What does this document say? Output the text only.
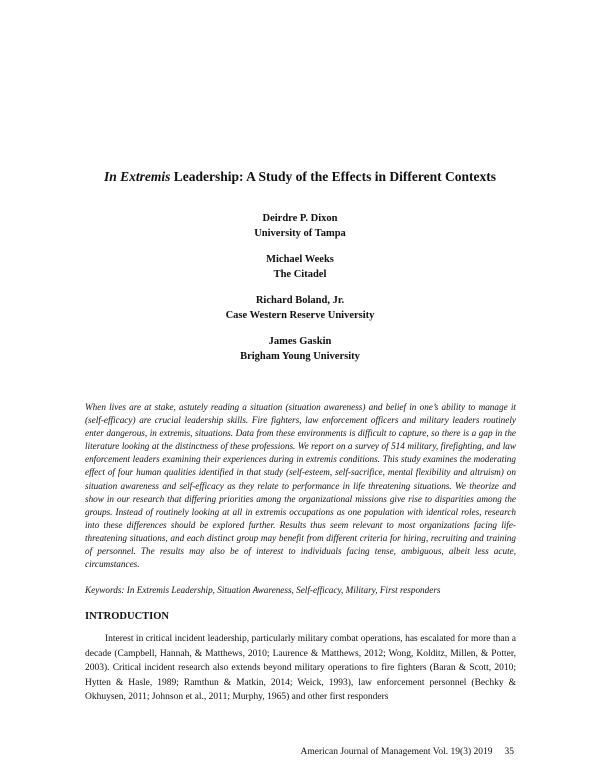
In Extremis Leadership: A Study of the Effects in Different Contexts
Deirdre P. Dixon
University of Tampa
Michael Weeks
The Citadel
Richard Boland, Jr.
Case Western Reserve University
James Gaskin
Brigham Young University
When lives are at stake, astutely reading a situation (situation awareness) and belief in one’s ability to manage it (self-efficacy) are crucial leadership skills. Fire fighters, law enforcement officers and military leaders routinely enter dangerous, in extremis, situations. Data from these environments is difficult to capture, so there is a gap in the literature looking at the distinctness of these professions. We report on a survey of 514 military, firefighting, and law enforcement leaders examining their experiences during in extremis conditions. This study examines the moderating effect of four human qualities identified in that study (self-esteem, self-sacrifice, mental flexibility and altruism) on situation awareness and self-efficacy as they relate to performance in life threatening situations. We theorize and show in our research that differing priorities among the organizational missions give rise to disparities among the groups. Instead of routinely looking at all in extremis occupations as one population with identical roles, research into these differences should be explored further. Results thus seem relevant to most organizations facing life-threatening situations, and each distinct group may benefit from different criteria for hiring, recruiting and training of personnel. The results may also be of interest to individuals facing tense, ambiguous, albeit less acute, circumstances.
Keywords: In Extremis Leadership, Situation Awareness, Self-efficacy, Military, First responders
INTRODUCTION
Interest in critical incident leadership, particularly military combat operations, has escalated for more than a decade (Campbell, Hannah, & Matthews, 2010; Laurence & Matthews, 2012; Wong, Kolditz, Millen, & Potter, 2003). Critical incident research also extends beyond military operations to fire fighters (Baran & Scott, 2010; Hytten & Hasle, 1989; Ramthun & Matkin, 2014; Weick, 1993), law enforcement personnel (Bechky & Okhuysen, 2011; Johnson et al., 2011; Murphy, 1965) and other first responders
American Journal of Management Vol. 19(3) 2019 35
